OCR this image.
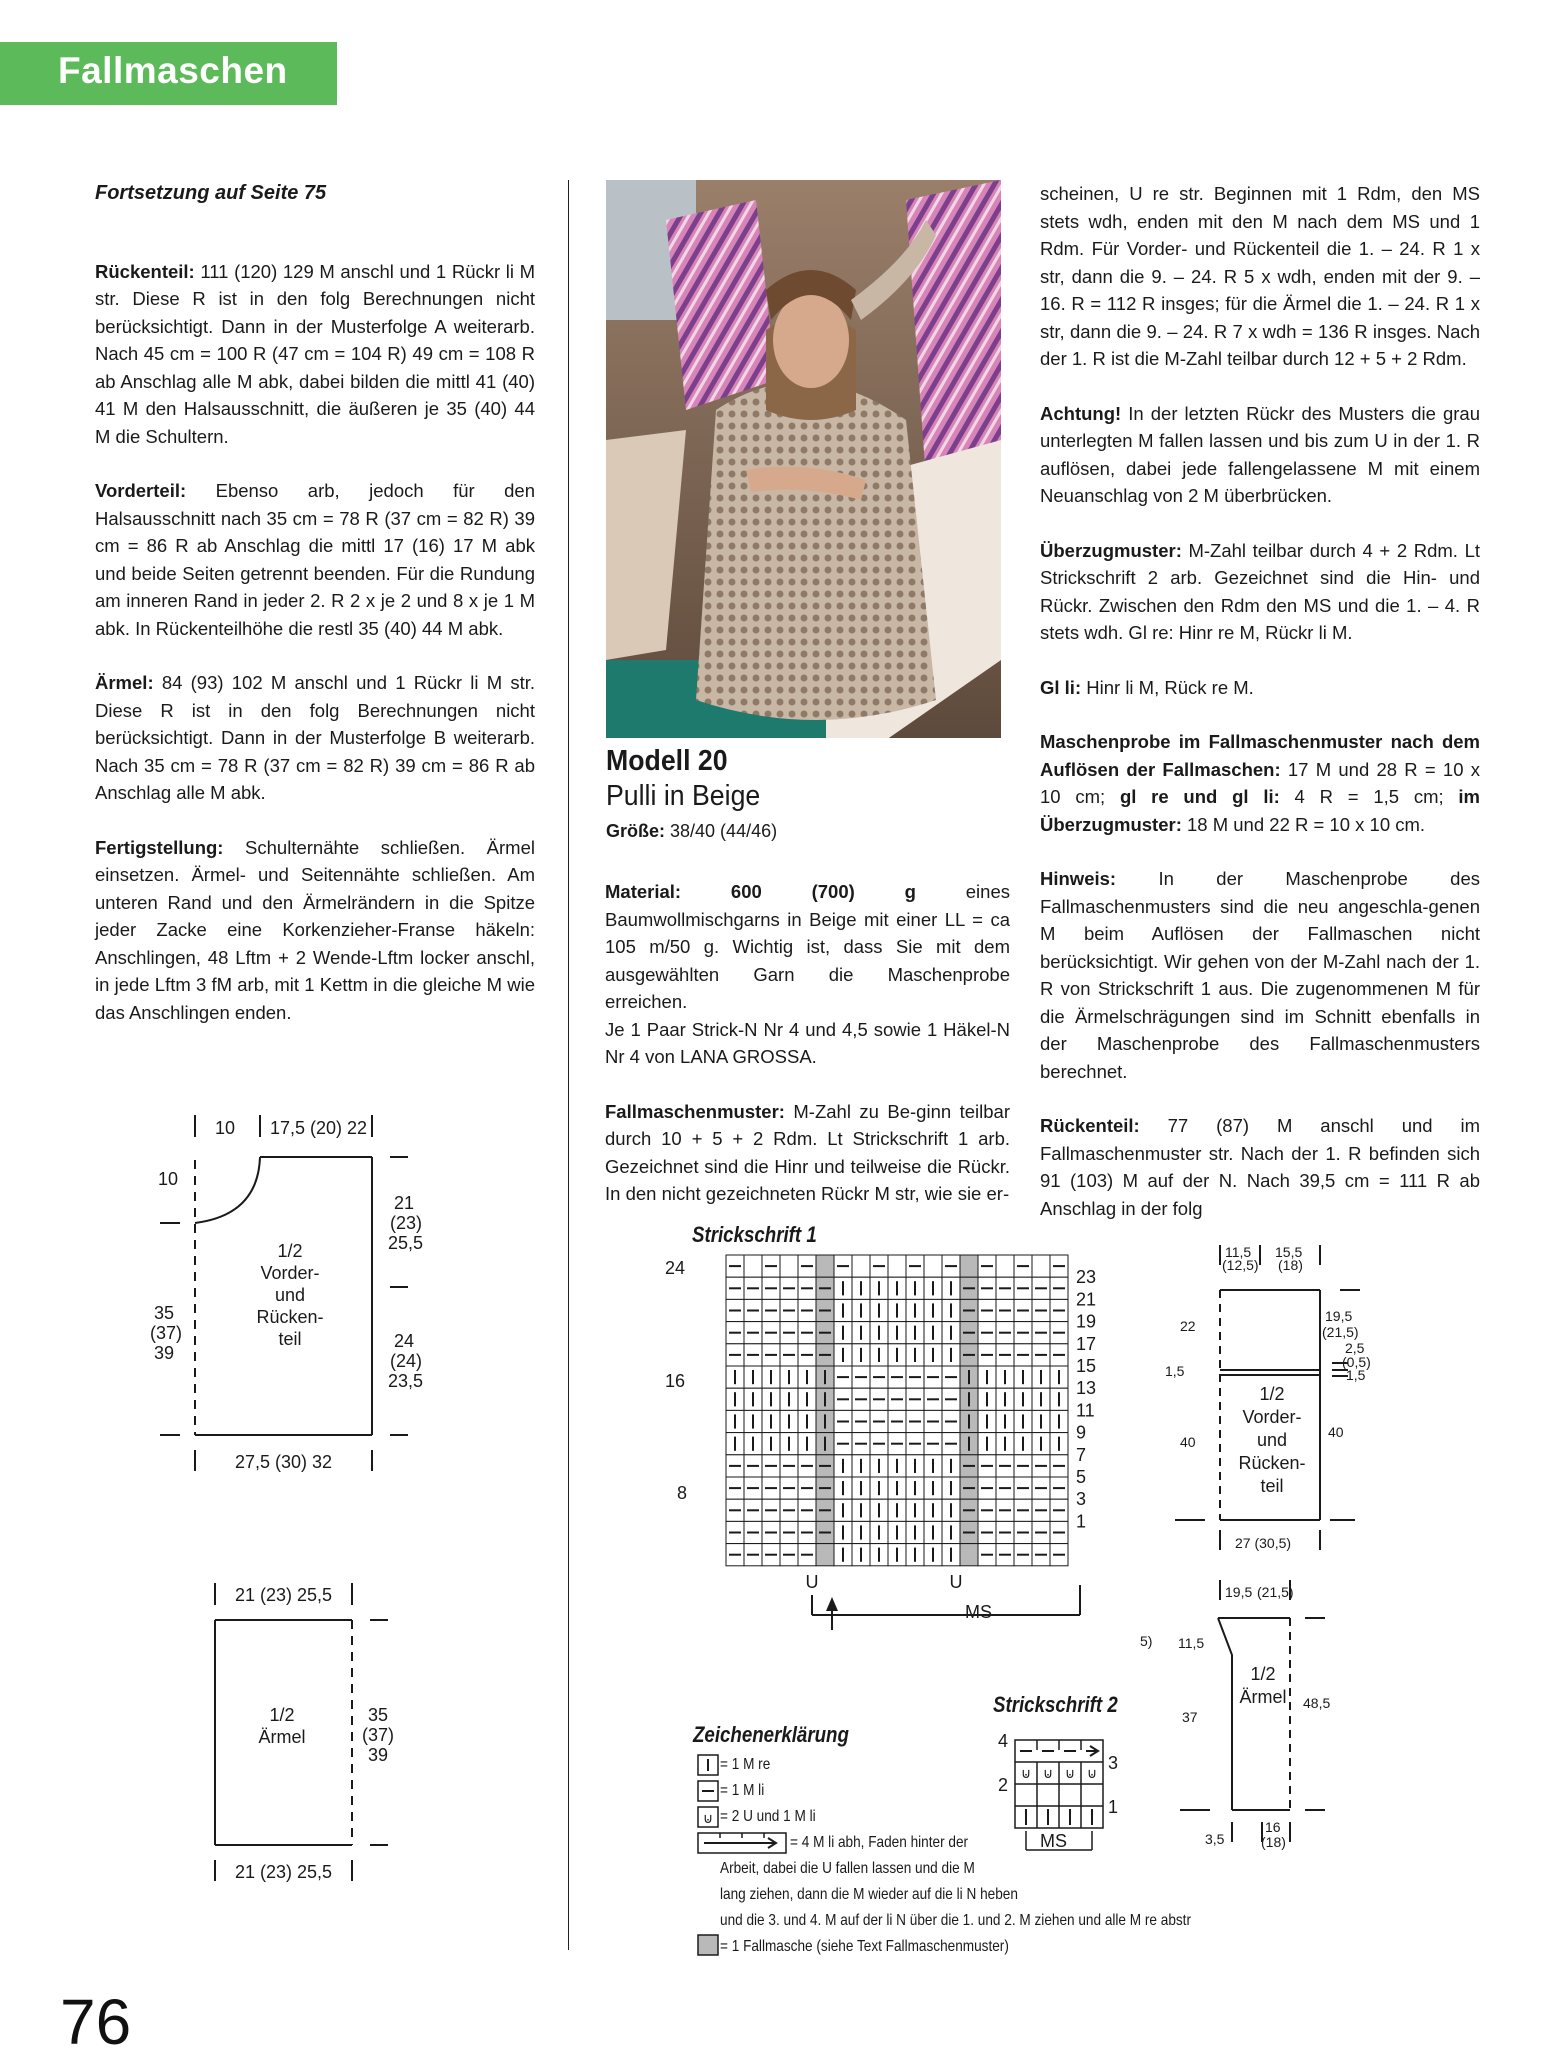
Fallmaschen

Fortsetzung auf Seite 75

Rückenteil: 111 (120) 129 M anschl und 1 Rückr li M str. Diese R ist in den folg Berechnungen nicht berücksichtigt. Dann in der Musterfolge A weiterarb. Nach 45 cm = 100 R (47 cm = 104 R) 49 cm = 108 R ab Anschlag alle M abk, dabei bilden die mittl 41 (40) 41 M den Halsausschnitt, die äußeren je 35 (40) 44 M die Schultern.

Vorderteil: Ebenso arb, jedoch für den Halsausschnitt nach 35 cm = 78 R (37 cm = 82 R) 39 cm = 86 R ab Anschlag die mittl 17 (16) 17 M abk und beide Seiten getrennt beenden. Für die Rundung am inneren Rand in jeder 2. R 2 x je 2 und 8 x je 1 M abk. In Rückenteilhöhe die restl 35 (40) 44 M abk.

Ärmel: 84 (93) 102 M anschl und 1 Rückr li M str. Diese R ist in den folg Berechnungen nicht berücksichtigt. Dann in der Musterfolge B weiterarb. Nach 35 cm = 78 R (37 cm = 82 R) 39 cm = 86 R ab Anschlag alle M abk.

Fertigstellung: Schulternähte schließen. Ärmel einsetzen. Ärmel- und Seitennähte schließen. Am unteren Rand und den Ärmelrändern in die Spitze jeder Zacke eine Korkenzieher-Franse häkeln: Anschlingen, 48 Lftm + 2 Wende-Lftm locker anschl, in jede Lftm 3 fM arb, mit 1 Kettm in die gleiche M wie das Anschlingen enden.

Modell 20
Pulli in Beige
Größe: 38/40 (44/46)

Material: 600 (700) g eines Baumwollmischgarns in Beige mit einer LL = ca 105 m/50 g. Wichtig ist, dass Sie mit dem ausgewählten Garn die Maschenprobe erreichen.

Je 1 Paar Strick-N Nr 4 und 4,5 sowie 1 Häkel-N Nr 4 von LANA GROSSA.

Fallmaschenmuster: M-Zahl zu Be-ginn teilbar durch 10 + 5 + 2 Rdm. Lt Strickschrift 1 arb. Gezeichnet sind die Hinr und teilweise die Rückr. In den nicht gezeichneten Rückr M str, wie sie er-

scheinen, U re str. Beginnen mit 1 Rdm, den MS stets wdh, enden mit den M nach dem MS und 1 Rdm. Für Vorder- und Rückenteil die 1. – 24. R 1 x str, dann die 9. – 24. R 5 x wdh, enden mit der 9. – 16. R = 112 R insges; für die Ärmel die 1. – 24. R 1 x str, dann die 9. – 24. R 7 x wdh = 136 R insges. Nach der 1. R ist die M-Zahl teilbar durch 12 + 5 + 2 Rdm.

Achtung! In der letzten Rückr des Musters die grau unterlegten M fallen lassen und bis zum U in der 1. R auflösen, dabei jede fallengelassene M mit einem Neuanschlag von 2 M überbrücken.

Überzugmuster: M-Zahl teilbar durch 4 + 2 Rdm. Lt Strickschrift 2 arb. Gezeichnet sind die Hin- und Rückr. Zwischen den Rdm den MS und die 1. – 4. R stets wdh. Gl re: Hinr re M, Rückr li M.

Gl li: Hinr li M, Rück re M.

Maschenprobe im Fallmaschenmuster nach dem Auflösen der Fallmaschen: 17 M und 28 R = 10 x 10 cm; gl re und gl li: 4 R = 1,5 cm; im Überzugmuster: 18 M und 22 R = 10 x 10 cm.

Hinweis: In der Maschenprobe des Fallmaschenmusters sind die neu angeschla-genen M beim Auflösen der Fallmaschen nicht berücksichtigt. Wir gehen von der M-Zahl nach der 1. R von Strickschrift 1 aus. Die zugenommenen M für die Ärmelschrägungen sind im Schnitt ebenfalls in der Maschenprobe des Fallmaschenmusters berechnet.

Rückenteil: 77 (87) M anschl und im Fallmaschenmuster str. Nach der 1. R befinden sich 91 (103) M auf der N. Nach 39,5 cm = 111 R ab Anschlag in der folg

10 17,5 (20) 22
10
35
(37)
39
21
(23)
25,5
24
(24)
23,5
1/2
Vorder-
und
Rücken-
teil
27,5 (30) 32
21 (23) 25,5
1/2
Ärmel
35
(37)
39
21 (23) 25,5
Strickschrift 1
24
16
8
23
21
19
17
15
13
11
9
7
5
3
1
U	U
MS
Strickschrift 2
⊍ ⊍ ⊍ ⊍
4
2
3
1
MS
Zeichenerklärung
⊍
= 1 M re
= 1 M li
= 2 U und 1 M li
= 4 M li abh, Faden hinter der
Arbeit, dabei die U fallen lassen und die M
lang ziehen, dann die M wieder auf die li N heben
und die 3. und 4. M auf der li N über die 1. und 2. M ziehen und alle M re abstr
= 1 Fallmasche (siehe Text Fallmaschenmuster)
11,5
(12,5)
15,5
(18)
22
1,5
40
19,5
(21,5)
2,5
(0,5)
1,5
40
1/2
Vorder-
und
Rücken-
teil
27 (30,5)
19,5 (21,5)
5) 11,5
37
48,5
1/2
Ärmel
3,5
16
(18)
76
